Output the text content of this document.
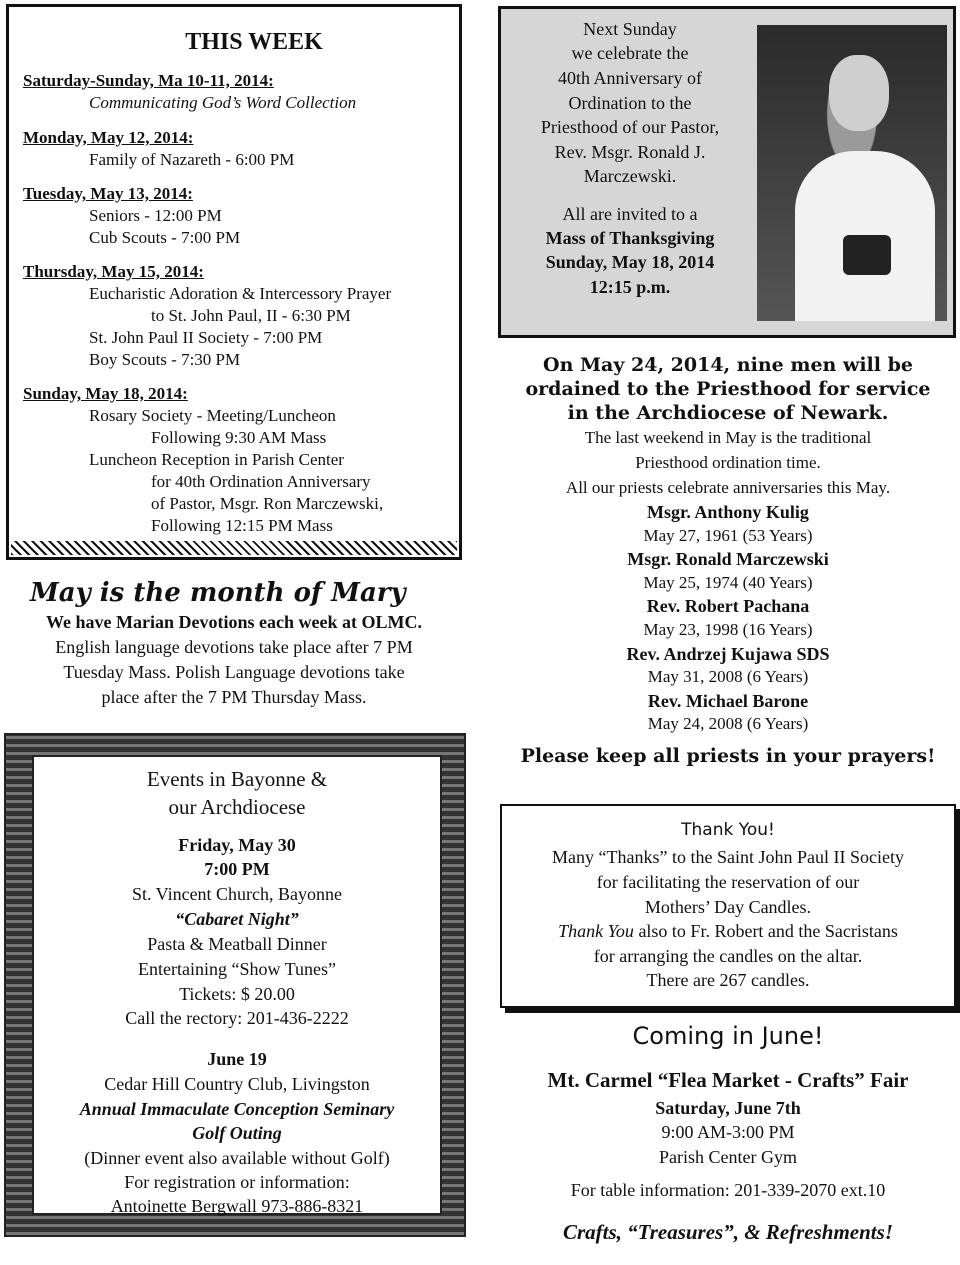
THIS WEEK
Saturday-Sunday, Ma 10-11, 2014:
Communicating God’s Word Collection
Monday, May 12, 2014:
Family of Nazareth - 6:00 PM
Tuesday, May 13, 2014:
Seniors - 12:00 PM
Cub Scouts - 7:00 PM
Thursday, May 15, 2014:
Eucharistic Adoration & Intercessory Prayer
to St. John Paul, II - 6:30 PM
St. John Paul II Society - 7:00 PM
Boy Scouts - 7:30 PM
Sunday, May 18, 2014:
Rosary Society - Meeting/Luncheon
Following 9:30 AM Mass
Luncheon Reception in Parish Center
for 40th Ordination Anniversary
of Pastor, Msgr. Ron Marczewski,
Following 12:15 PM Mass
May is the month of Mary
We have Marian Devotions each week at OLMC.
English language devotions take place after 7 PM
Tuesday Mass. Polish Language devotions take
place after the 7 PM Thursday Mass.
Events in Bayonne &
our Archdiocese
Friday, May 30
7:00 PM
St. Vincent Church, Bayonne
“Cabaret Night”
Pasta & Meatball Dinner
Entertaining “Show Tunes”
Tickets: $ 20.00
Call the rectory: 201-436-2222
June 19
Cedar Hill Country Club, Livingston
Annual Immaculate Conception Seminary
Golf Outing
(Dinner event also available without Golf)
For registration or information:
Antoinette Bergwall 973-886-8321
Next Sunday
we celebrate the
40th Anniversary of
Ordination to the
Priesthood of our Pastor,
Rev. Msgr. Ronald J.
Marczewski.
All are invited to a
Mass of Thanksgiving
Sunday, May 18, 2014
12:15 p.m.
On May 24, 2014, nine men will be
ordained to the Priesthood for service
in the Archdiocese of Newark.
The last weekend in May is the traditional
Priesthood ordination time.
All our priests celebrate anniversaries this May.
Msgr. Anthony Kulig
May 27, 1961 (53 Years)
Msgr. Ronald Marczewski
May 25, 1974 (40 Years)
Rev. Robert Pachana
May 23, 1998 (16 Years)
Rev. Andrzej Kujawa SDS
May 31, 2008 (6 Years)
Rev. Michael Barone
May 24, 2008 (6 Years)
Please keep all priests in your prayers!
Thank You!
Many “Thanks” to the Saint John Paul II Society
for facilitating the reservation of our
Mothers’ Day Candles.
Thank You also to Fr. Robert and the Sacristans
for arranging the candles on the altar.
There are 267 candles.
Coming in June!
Mt. Carmel “Flea Market - Crafts” Fair
Saturday, June 7th
9:00 AM-3:00 PM
Parish Center Gym
For table information: 201-339-2070 ext.10
Crafts, “Treasures”, & Refreshments!
